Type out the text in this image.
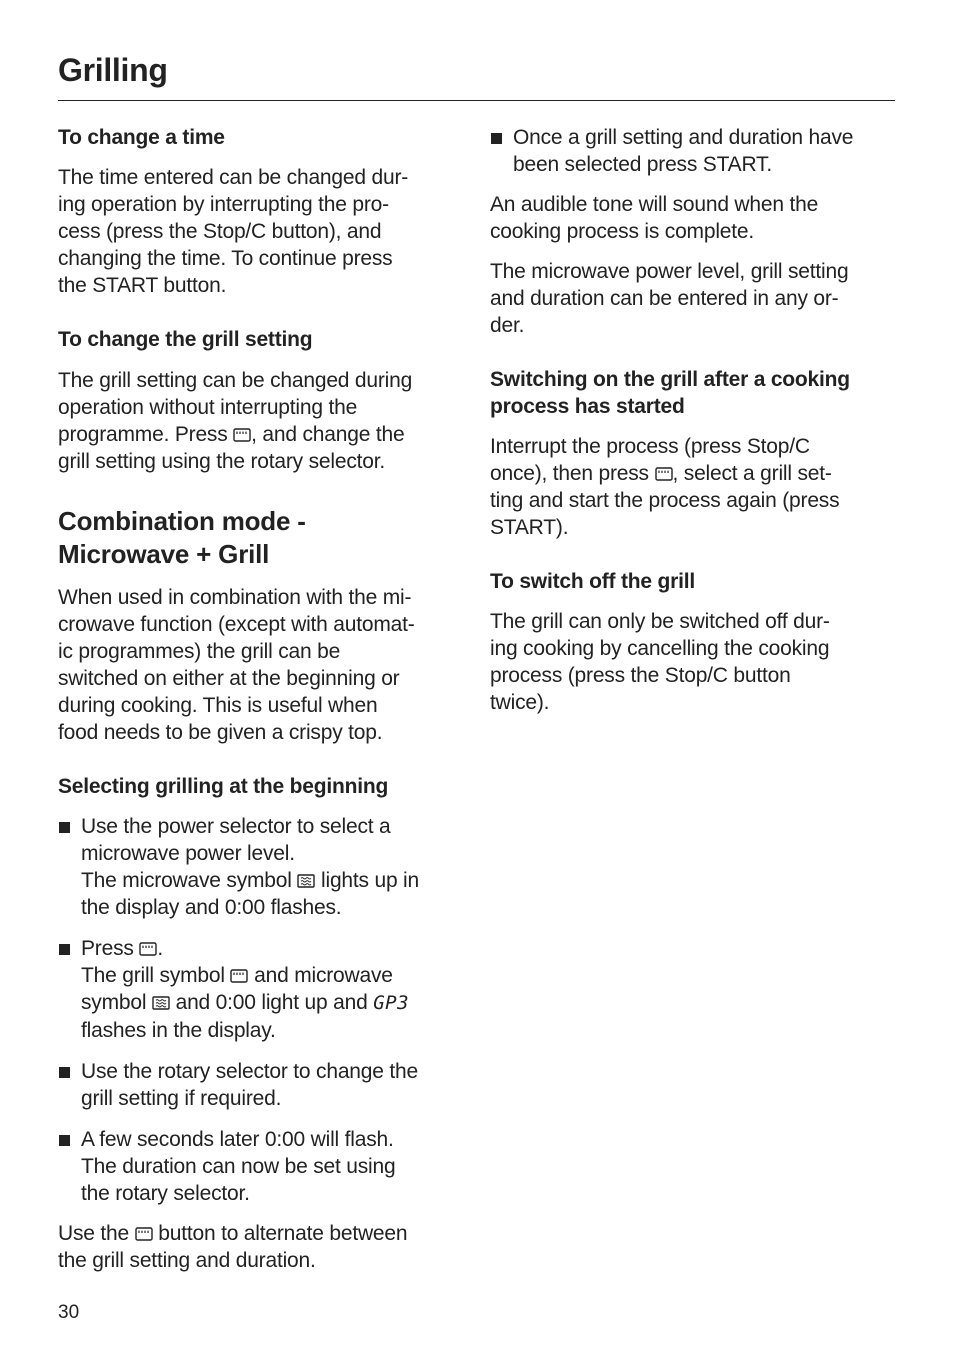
Grilling
To change a time

The time entered can be changed dur-
ing operation by interrupting the pro-
cess (press the Stop/C button), and
changing the time. To continue press
the START button.

To change the grill setting

The grill setting can be changed during
operation without interrupting the
programme. Press , and change the
grill setting using the rotary selector.

Combination mode -
Microwave + Grill

When used in combination with the mi-
crowave function (except with automat-
ic programmes) the grill can be
switched on either at the beginning or
during cooking. This is useful when
food needs to be given a crispy top.

Selecting grilling at the beginning
Use the power selector to select a
microwave power level.
The microwave symbol  lights up in
the display and 0:00 flashes.
Press .
The grill symbol  and microwave
symbol  and 0:00 light up and GP3
flashes in the display.
Use the rotary selector to change the
grill setting if required.
A few seconds later 0:00 will flash.
The duration can now be set using
the rotary selector.

Use the  button to alternate between
the grill setting and duration.

Once a grill setting and duration have
been selected press START.

An audible tone will sound when the
cooking process is complete.

The microwave power level, grill setting
and duration can be entered in any or-
der.

Switching on the grill after a cooking
process has started

Interrupt the process (press Stop/C
once), then press , select a grill set-
ting and start the process again (press
START).

To switch off the grill

The grill can only be switched off dur-
ing cooking by cancelling the cooking
process (press the Stop/C button
twice).

30
